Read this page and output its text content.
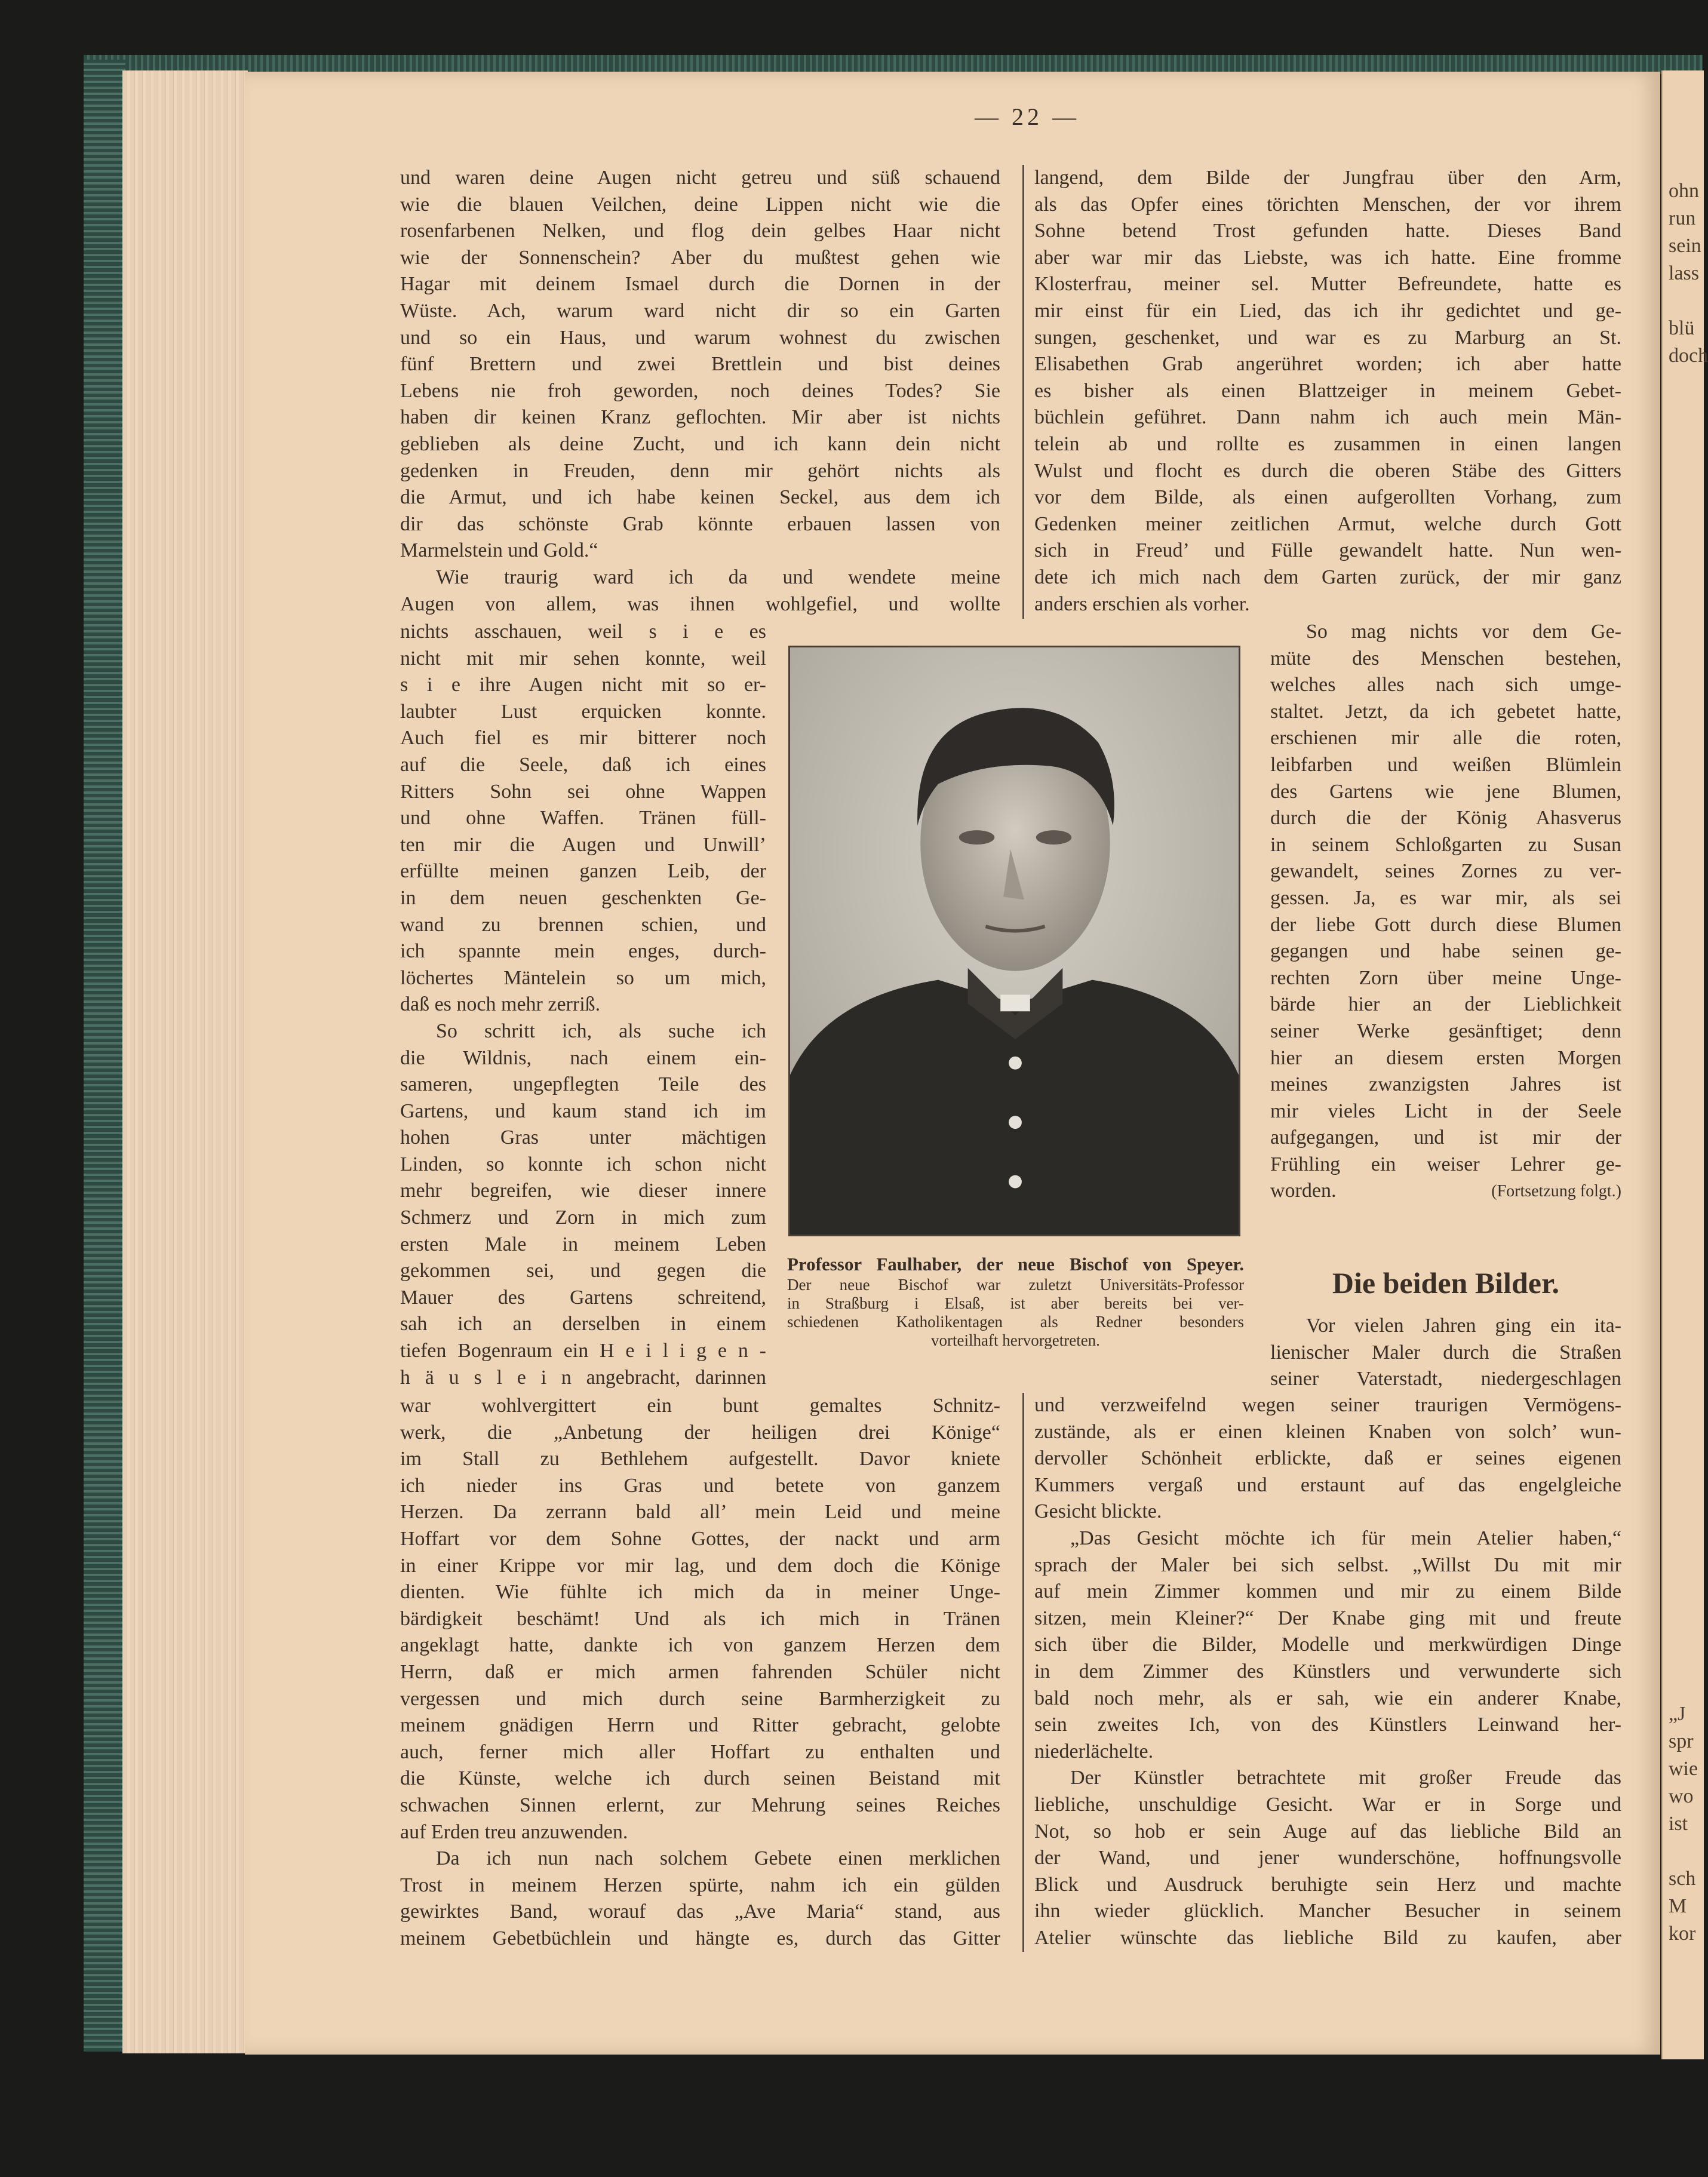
ohn
run
sein
lass
blü
doch
„J
spr
wie
wo
ist
sch
M
kor
— 22 —
und waren deine Augen nicht getreu und süß schauend
wie die blauen Veilchen, deine Lippen nicht wie die
rosenfarbenen Nelken, und flog dein gelbes Haar nicht
wie der Sonnenschein? Aber du mußtest gehen wie
Hagar mit deinem Ismael durch die Dornen in der
Wüste. Ach, warum ward nicht dir so ein Garten
und so ein Haus, und warum wohnest du zwischen
fünf Brettern und zwei Brettlein und bist deines
Lebens nie froh geworden, noch deines Todes? Sie
haben dir keinen Kranz geflochten. Mir aber ist nichts
geblieben als deine Zucht, und ich kann dein nicht
gedenken in Freuden, denn mir gehört nichts als
die Armut, und ich habe keinen Seckel, aus dem ich
dir das schönste Grab könnte erbauen lassen von
Marmelstein und Gold.“
Wie traurig ward ich da und wendete meine
Augen von allem, was ihnen wohlgefiel, und wollte
nichts asschauen, weil s i e es
nicht mit mir sehen konnte, weil
s i e ihre Augen nicht mit so er-
laubter Lust erquicken konnte.
Auch fiel es mir bitterer noch
auf die Seele, daß ich eines
Ritters Sohn sei ohne Wappen
und ohne Waffen. Tränen füll-
ten mir die Augen und Unwill’
erfüllte meinen ganzen Leib, der
in dem neuen geschenkten Ge-
wand zu brennen schien, und
ich spannte mein enges, durch-
löchertes Mäntelein so um mich,
daß es noch mehr zerriß.
So schritt ich, als suche ich
die Wildnis, nach einem ein-
sameren, ungepflegten Teile des
Gartens, und kaum stand ich im
hohen Gras unter mächtigen
Linden, so konnte ich schon nicht
mehr begreifen, wie dieser innere
Schmerz und Zorn in mich zum
ersten Male in meinem Leben
gekommen sei, und gegen die
Mauer des Gartens schreitend,
sah ich an derselben in einem
tiefen Bogenraum ein H e i l i g e n -
h ä u s l e i n angebracht, darinnen
war wohlvergittert ein bunt gemaltes Schnitz-
werk, die „Anbetung der heiligen drei Könige“
im Stall zu Bethlehem aufgestellt. Davor kniete
ich nieder ins Gras und betete von ganzem
Herzen. Da zerrann bald all’ mein Leid und meine
Hoffart vor dem Sohne Gottes, der nackt und arm
in einer Krippe vor mir lag, und dem doch die Könige
dienten. Wie fühlte ich mich da in meiner Unge-
bärdigkeit beschämt! Und als ich mich in Tränen
angeklagt hatte, dankte ich von ganzem Herzen dem
Herrn, daß er mich armen fahrenden Schüler nicht
vergessen und mich durch seine Barmherzigkeit zu
meinem gnädigen Herrn und Ritter gebracht, gelobte
auch, ferner mich aller Hoffart zu enthalten und
die Künste, welche ich durch seinen Beistand mit
schwachen Sinnen erlernt, zur Mehrung seines Reiches
auf Erden treu anzuwenden.
Da ich nun nach solchem Gebete einen merklichen
Trost in meinem Herzen spürte, nahm ich ein gülden
gewirktes Band, worauf das „Ave Maria“ stand, aus
meinem Gebetbüchlein und hängte es, durch das Gitter
langend, dem Bilde der Jungfrau über den Arm,
als das Opfer eines törichten Menschen, der vor ihrem
Sohne betend Trost gefunden hatte. Dieses Band
aber war mir das Liebste, was ich hatte. Eine fromme
Klosterfrau, meiner sel. Mutter Befreundete, hatte es
mir einst für ein Lied, das ich ihr gedichtet und ge-
sungen, geschenket, und war es zu Marburg an St.
Elisabethen Grab angerühret worden; ich aber hatte
es bisher als einen Blattzeiger in meinem Gebet-
büchlein geführet. Dann nahm ich auch mein Män-
telein ab und rollte es zusammen in einen langen
Wulst und flocht es durch die oberen Stäbe des Gitters
vor dem Bilde, als einen aufgerollten Vorhang, zum
Gedenken meiner zeitlichen Armut, welche durch Gott
sich in Freud’ und Fülle gewandelt hatte. Nun wen-
dete ich mich nach dem Garten zurück, der mir ganz
anders erschien als vorher.
So mag nichts vor dem Ge-
müte des Menschen bestehen,
welches alles nach sich umge-
staltet. Jetzt, da ich gebetet hatte,
erschienen mir alle die roten,
leibfarben und weißen Blümlein
des Gartens wie jene Blumen,
durch die der König Ahasverus
in seinem Schloßgarten zu Susan
gewandelt, seines Zornes zu ver-
gessen. Ja, es war mir, als sei
der liebe Gott durch diese Blumen
gegangen und habe seinen ge-
rechten Zorn über meine Unge-
bärde hier an der Lieblichkeit
seiner Werke gesänftiget; denn
hier an diesem ersten Morgen
meines zwanzigsten Jahres ist
mir vieles Licht in der Seele
aufgegangen, und ist mir der
Frühling ein weiser Lehrer ge-
worden.	(Fortsetzung folgt.)
Die beiden Bilder.
Vor vielen Jahren ging ein ita-
lienischer Maler durch die Straßen
seiner Vaterstadt, niedergeschlagen
und verzweifelnd wegen seiner traurigen Vermögens-
zustände, als er einen kleinen Knaben von solch’ wun-
dervoller Schönheit erblickte, daß er seines eigenen
Kummers vergaß und erstaunt auf das engelgleiche
Gesicht blickte.
„Das Gesicht möchte ich für mein Atelier haben,“
sprach der Maler bei sich selbst. „Willst Du mit mir
auf mein Zimmer kommen und mir zu einem Bilde
sitzen, mein Kleiner?“ Der Knabe ging mit und freute
sich über die Bilder, Modelle und merkwürdigen Dinge
in dem Zimmer des Künstlers und verwunderte sich
bald noch mehr, als er sah, wie ein anderer Knabe,
sein zweites Ich, von des Künstlers Leinwand her-
niederlächelte.
Der Künstler betrachtete mit großer Freude das
liebliche, unschuldige Gesicht. War er in Sorge und
Not, so hob er sein Auge auf das liebliche Bild an
der Wand, und jener wunderschöne, hoffnungsvolle
Blick und Ausdruck beruhigte sein Herz und machte
ihn wieder glücklich. Mancher Besucher in seinem
Atelier wünschte das liebliche Bild zu kaufen, aber
Professor Faulhaber, der neue Bischof von Speyer.
Der neue Bischof war zuletzt Universitäts-Professor
in Straßburg i Elsaß, ist aber bereits bei ver-
schiedenen Katholikentagen als Redner besonders
vorteilhaft hervorgetreten.
